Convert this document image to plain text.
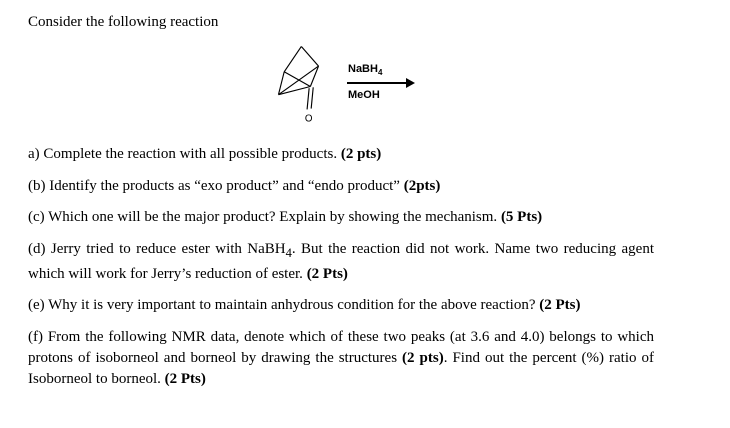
Consider the following reaction

O
NaBH$_4$
MeOH

a) Complete the reaction with all possible products. (2 pts)

(b) Identify the products as “exo product” and “endo product” (2pts)

(c) Which one will be the major product? Explain by showing the mechanism. (5 Pts)

(d) Jerry tried to reduce ester with NaBH$_4$. But the reaction did not work. Name two reducing agent which will work for Jerry’s reduction of ester. (2 Pts)

(e) Why it is very important to maintain anhydrous condition for the above reaction? (2 Pts)

(f) From the following NMR data, denote which of these two peaks (at 3.6 and 4.0) belongs to which protons of isoborneol and borneol by drawing the structures (2 pts). Find out the percent (%) ratio of Isoborneol to borneol. (2 Pts)
